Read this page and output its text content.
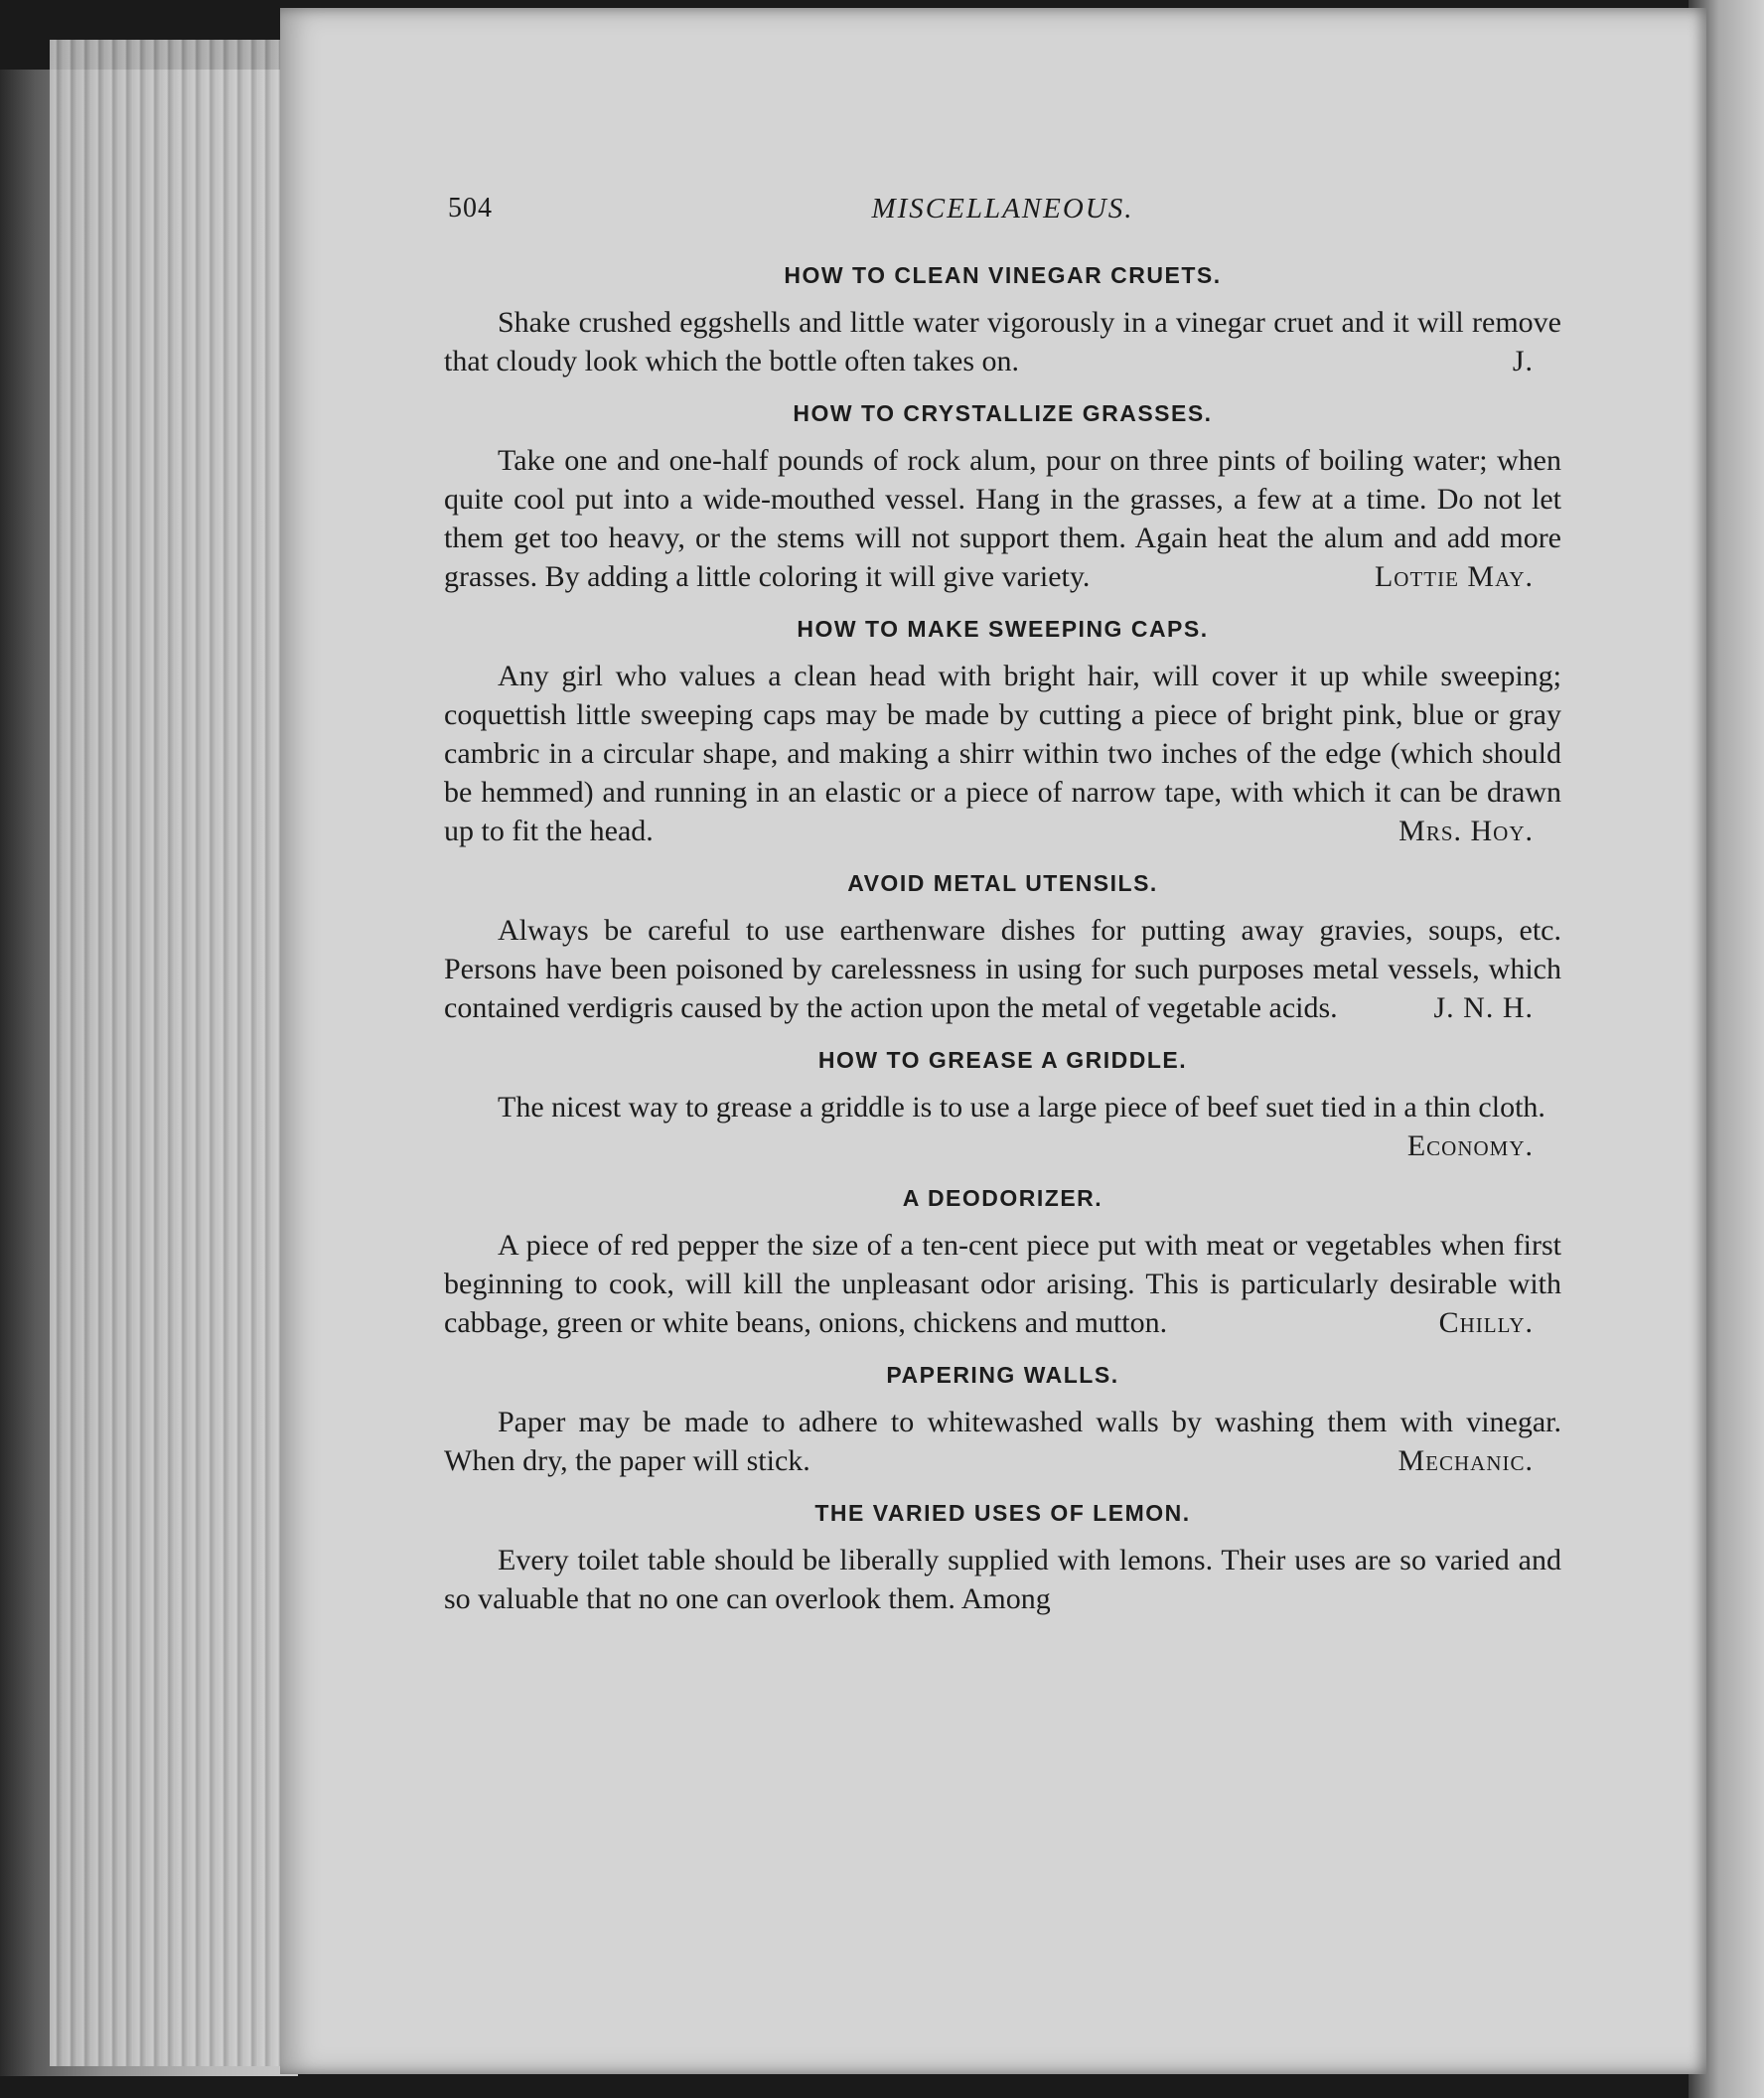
504	MISCELLANEOUS.
HOW TO CLEAN VINEGAR CRUETS.

Shake crushed eggshells and little water vigorously in a vinegar cruet and it will remove that cloudy look which the bottle often takes on.	J.

HOW TO CRYSTALLIZE GRASSES.

Take one and one-half pounds of rock alum, pour on three pints of boiling water; when quite cool put into a wide-mouthed vessel. Hang in the grasses, a few at a time. Do not let them get too heavy, or the stems will not support them. Again heat the alum and add more grasses. By adding a little coloring it will give variety.	Lottie May.

HOW TO MAKE SWEEPING CAPS.

Any girl who values a clean head with bright hair, will cover it up while sweeping; coquettish little sweeping caps may be made by cutting a piece of bright pink, blue or gray cambric in a circular shape, and making a shirr within two inches of the edge (which should be hemmed) and running in an elastic or a piece of narrow tape, with which it can be drawn up to fit the head.	Mrs. Hoy.

AVOID METAL UTENSILS.

Always be careful to use earthenware dishes for putting away gravies, soups, etc. Persons have been poisoned by carelessness in using for such purposes metal vessels, which contained verdigris caused by the action upon the metal of vegetable acids.	J. N. H.

HOW TO GREASE A GRIDDLE.

The nicest way to grease a griddle is to use a large piece of beef suet tied in a thin cloth.
Economy.

A DEODORIZER.

A piece of red pepper the size of a ten-cent piece put with meat or vegetables when first beginning to cook, will kill the unpleasant odor arising. This is particularly desirable with cabbage, green or white beans, onions, chickens and mutton.	Chilly.

PAPERING WALLS.

Paper may be made to adhere to whitewashed walls by washing them with vinegar. When dry, the paper will stick.	Mechanic.

THE VARIED USES OF LEMON.

Every toilet table should be liberally supplied with lemons. Their uses are so varied and so valuable that no one can overlook them. Among
